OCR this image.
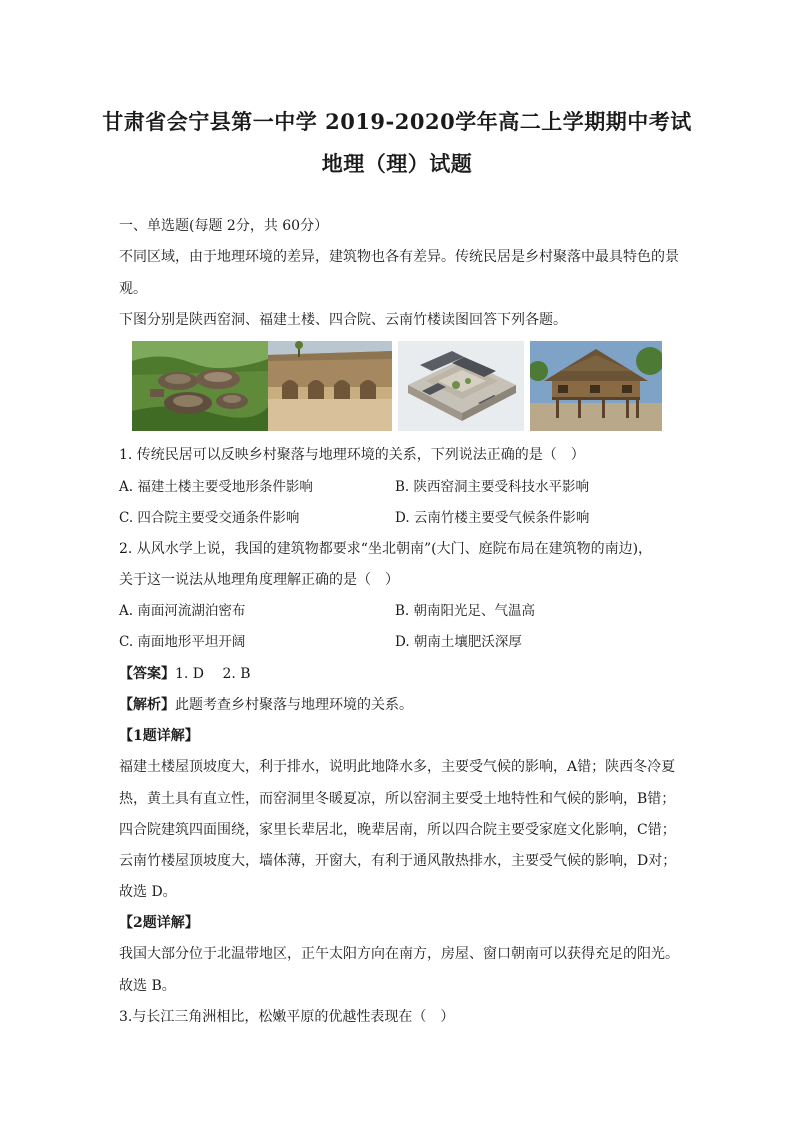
甘肃省会宁县第一中学 2019-2020学年高二上学期期中考试
地理（理）试题
一、单选题(每题 2分，共 60分）
不同区域，由于地理环境的差异，建筑物也各有差异。传统民居是乡村聚落中最具特色的景
观。
下图分别是陕西窑洞、福建土楼、四合院、云南竹楼读图回答下列各题。
1. 传统民居可以反映乡村聚落与地理环境的关系，下列说法正确的是（　）
A. 福建土楼主要受地形条件影响	B. 陕西窑洞主要受科技水平影响
C. 四合院主要受交通条件影响	D. 云南竹楼主要受气候条件影响
2. 从风水学上说，我国的建筑物都要求“坐北朝南”(大门、庭院布局在建筑物的南边)，
关于这一说法从地理角度理解正确的是（　）
A. 南面河流湖泊密布	B. 朝南阳光足、气温高
C. 南面地形平坦开阔	D. 朝南土壤肥沃深厚
【答案】1. D　 2. B
【解析】此题考查乡村聚落与地理环境的关系。
【1题详解】
福建土楼屋顶坡度大，利于排水，说明此地降水多，主要受气候的影响，A错；陕西冬冷夏
热，黄土具有直立性，而窑洞里冬暖夏凉，所以窑洞主要受土地特性和气候的影响，B错；
四合院建筑四面围绕，家里长辈居北，晚辈居南，所以四合院主要受家庭文化影响，C错；
云南竹楼屋顶坡度大，墙体薄，开窗大，有利于通风散热排水，主要受气候的影响，D对；
故选 D。
【2题详解】
我国大部分位于北温带地区，正午太阳方向在南方，房屋、窗口朝南可以获得充足的阳光。
故选 B。
3.与长江三角洲相比，松嫩平原的优越性表现在（　）
